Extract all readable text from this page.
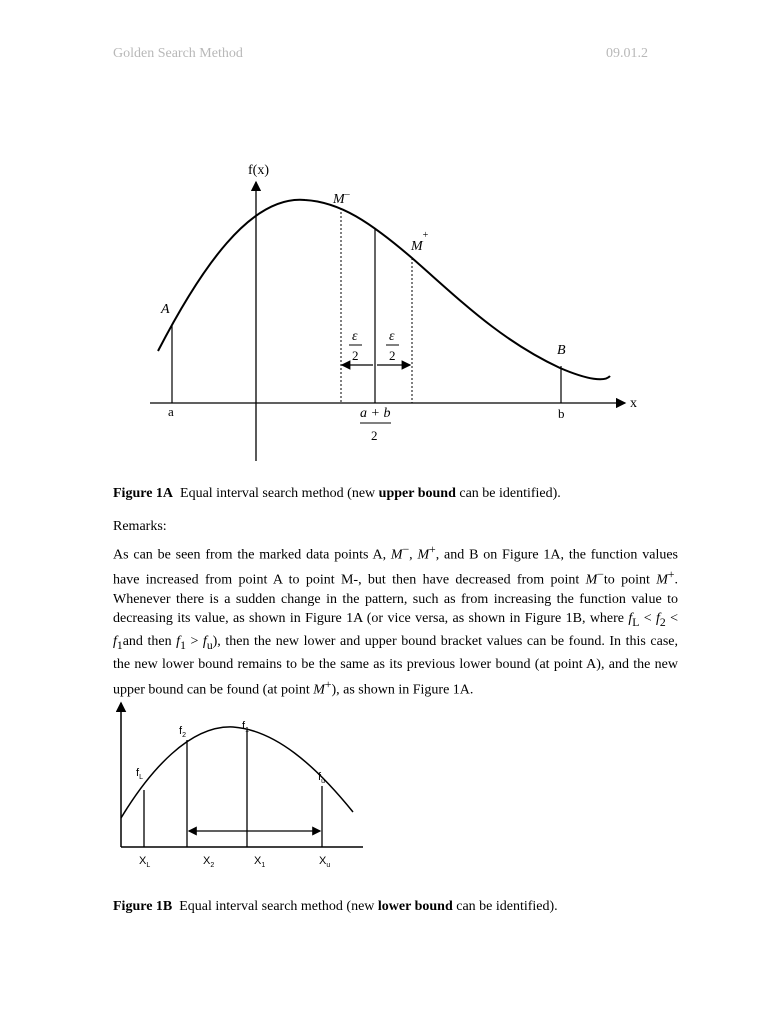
Golden Search Method	09.01.2
f(x)
x
A
B
M−
M+
a	b
ε
2
ε
2
a + b
2
Figure 1A Equal interval search method (new upper bound can be identified).
Remarks:
As can be seen from the marked data points A, M−, M+, and B on Figure 1A, the function values have increased from point A to point M-, but then have decreased from point M−to point M+. Whenever there is a sudden change in the pattern, such as from increasing the function value to decreasing its value, as shown in Figure 1A (or vice versa, as shown in Figure 1B, where $f_L < f_2 < f_1and$ then $f_1 > f_u$), then the new lower and upper bound bracket values can be found. In this case, the new lower bound remains to be the same as its previous lower bound (at point A), and the new upper bound can be found (at point M+), as shown in Figure 1A.
$f_L$
$f_2$
$f_1$
$f_u$
$X_L$	$X_2$	$X_1$	$X_u$
Figure 1B Equal interval search method (new lower bound can be identified).
